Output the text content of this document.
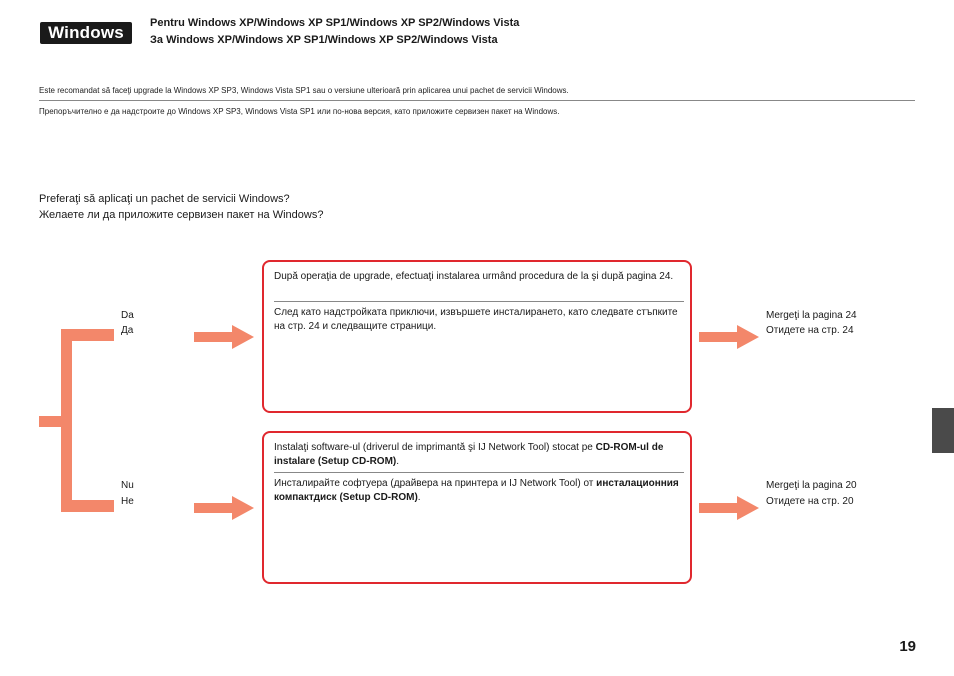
Windows Pentru Windows XP/Windows XP SP1/Windows XP SP2/Windows Vista
За Windows XP/Windows XP SP1/Windows XP SP2/Windows Vista
Este recomandat să faceţi upgrade la Windows XP SP3, Windows Vista SP1 sau o versiune ulterioară prin aplicarea unui pachet de servicii Windows.
Препоръчително е да надстроите до Windows XP SP3, Windows Vista SP1 или по-нова версия, като приложите сервизен пакет на Windows.
Preferaţi să aplicaţi un pachet de servicii Windows?
Желаете ли да приложите сервизен пакет на Windows?
Da
Да
După operaţia de upgrade, efectuaţi instalarea urmând procedura de la şi după pagina 24.
След като надстройката приключи, извършете инсталирането, като следвате стъпките на стр. 24 и следващите страници.
Mergeţi la pagina 24
Отидете на стр. 24
Nu
Не
Instalaţi software-ul (driverul de imprimantă şi IJ Network Tool) stocat pe CD-ROM-ul de instalare (Setup CD-ROM).
Инсталирайте софтуера (драйвера на принтера и IJ Network Tool) от инсталационния компактдиск (Setup CD-ROM).
Mergeţi la pagina 20
Отидете на стр. 20
19
